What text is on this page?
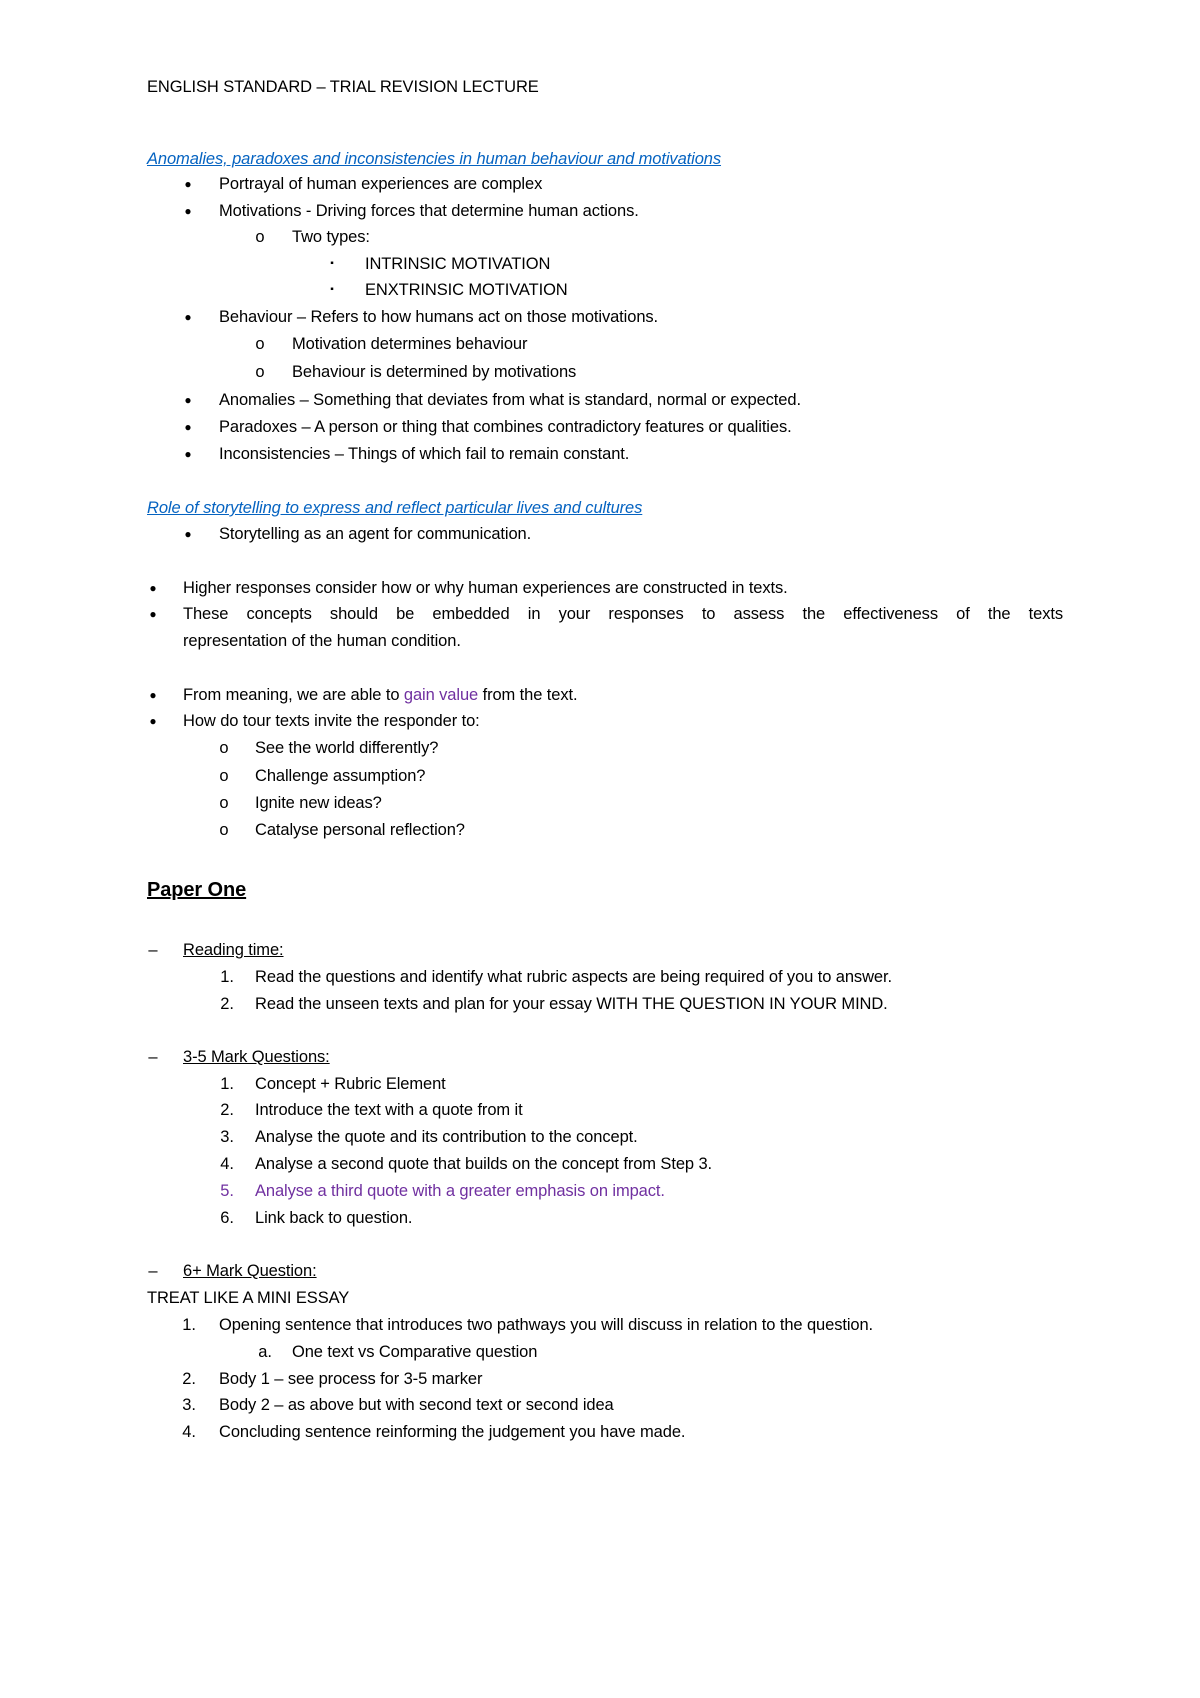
ENGLISH STANDARD – TRIAL REVISION LECTURE
Anomalies, paradoxes and inconsistencies in human behaviour and motivations
●	Portrayal of human experiences are complex
●	Motivations - Driving forces that determine human actions.
o	Two types:
▪	INTRINSIC MOTIVATION
▪	ENXTRINSIC MOTIVATION
●	Behaviour – Refers to how humans act on those motivations.
o	Motivation determines behaviour
o	Behaviour is determined by motivations
●	Anomalies – Something that deviates from what is standard, normal or expected.
●	Paradoxes – A person or thing that combines contradictory features or qualities.
●	Inconsistencies – Things of which fail to remain constant.
Role of storytelling to express and reflect particular lives and cultures
●	Storytelling as an agent for communication.
●	Higher responses consider how or why human experiences are constructed in texts.
●	These concepts should be embedded in your responses to assess the effectiveness of the texts
representation of the human condition.
●	From meaning, we are able to gain value from the text.
●	How do tour texts invite the responder to:
o	See the world differently?
o	Challenge assumption?
o	Ignite new ideas?
o	Catalyse personal reflection?
Paper One
–	Reading time:
1. Read the questions and identify what rubric aspects are being required of you to answer.
2. Read the unseen texts and plan for your essay WITH THE QUESTION IN YOUR MIND.
–	3-5 Mark Questions:
1. Concept + Rubric Element
2. Introduce the text with a quote from it
3. Analyse the quote and its contribution to the concept.
4. Analyse a second quote that builds on the concept from Step 3.
5. Analyse a third quote with a greater emphasis on impact.
6. Link back to question.
–	6+ Mark Question:
TREAT LIKE A MINI ESSAY
1. Opening sentence that introduces two pathways you will discuss in relation to the question.
a. One text vs Comparative question
2. Body 1 – see process for 3-5 marker
3. Body 2 – as above but with second text or second idea
4. Concluding sentence reinforming the judgement you have made.
